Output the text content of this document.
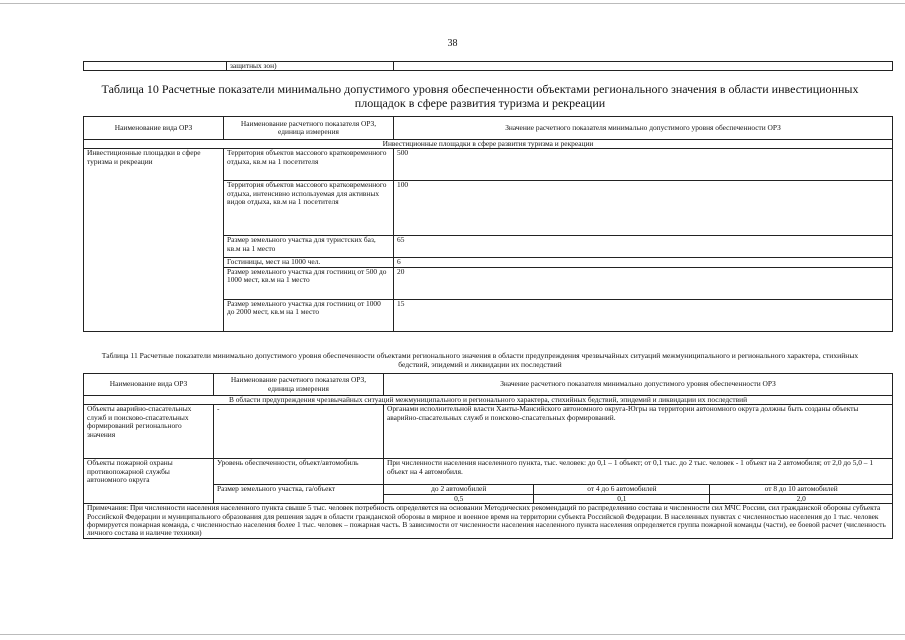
38
	защитных зон)	
Таблица 10 Расчетные показатели минимально допустимого уровня обеспеченности объектами регионального значения в области инвестиционных площадок в сфере развития туризма и рекреации
Наименование вида ОРЗ	Наименование расчетного показателя ОРЗ, единица измерения	Значение расчетного показателя минимально допустимого уровня обеспеченности ОРЗ
Инвестиционные площадки в сфере развития туризма и рекреации		
Инвестиционные площадки в сфере туризма и рекреации	Территория объектов массового кратковременного отдыха, кв.м на 1 посетителя	500
	Территория объектов массового кратковременного отдыха, интенсивно используемая для активных видов отдыха, кв.м на 1 посетителя	100
	Размер земельного участка для туристских баз, кв.м на 1 место	65
	Гостиницы, мест на 1000 чел.	6
	Размер земельного участка для гостиниц от 500 до 1000 мест, кв.м на 1 место	20
	Размер земельного участка для гостиниц от 1000 до 2000 мест, кв.м на 1 место	15
Таблица 11 Расчетные показатели минимально допустимого уровня обеспеченности объектами регионального значения в области предупреждения чрезвычайных ситуаций межмуниципального и регионального характера, стихийных бедствий, эпидемий и ликвидации их последствий
Наименование вида ОРЗ	Наименование расчетного показателя ОРЗ, единица измерения	Значение расчетного показателя минимально допустимого уровня обеспеченности ОРЗ		
В области предупреждения чрезвычайных ситуаций межмуниципального и регионального характера, стихийных бедствий, эпидемий и ликвидации их последствий				
Объекты аварийно-спасательных служб и поисково-спасательных формирований регионального значения	-	Органами исполнительной власти Ханты-Мансийского автономного округа-Югры на территории автономного округа должны быть созданы объекты аварийно-спасательных служб и поисково-спасательных формирований.		
Объекты пожарной охраны противопожарной службы автономного округа	Уровень обеспеченности, объект/автомобиль	При численности населения населенного пункта, тыс. человек: до 0,1 – 1 объект; от 0,1 тыс. до 2 тыс. человек - 1 объект на 2 автомобиля; от 2,0 до 5,0 – 1 объект на 4 автомобиля.		
	Размер земельного участка, га/объект	до 2 автомобилей	от 4 до 6 автомобилей	от 8 до 10 автомобилей
		0,5	0,1	2,0
Примечания: При численности населения населенного пункта свыше 5 тыс. человек потребность определяется на основании Методических рекомендаций по распределению состава и численности сил МЧС России, сил гражданской обороны субъекта Российской Федерации и муниципального образования для решения задач в области гражданской обороны в мирное и военное время на территории субъекта Российской Федерации. В населенных пунктах с численностью населения до 1 тыс. человек формируется пожарная команда, с численностью населения более 1 тыс. человек – пожарная часть. В зависимости от численности населения населенного пункта населения определяется группа пожарной команды (части), ее боевой расчет (численность личного состава и наличие техники)				
